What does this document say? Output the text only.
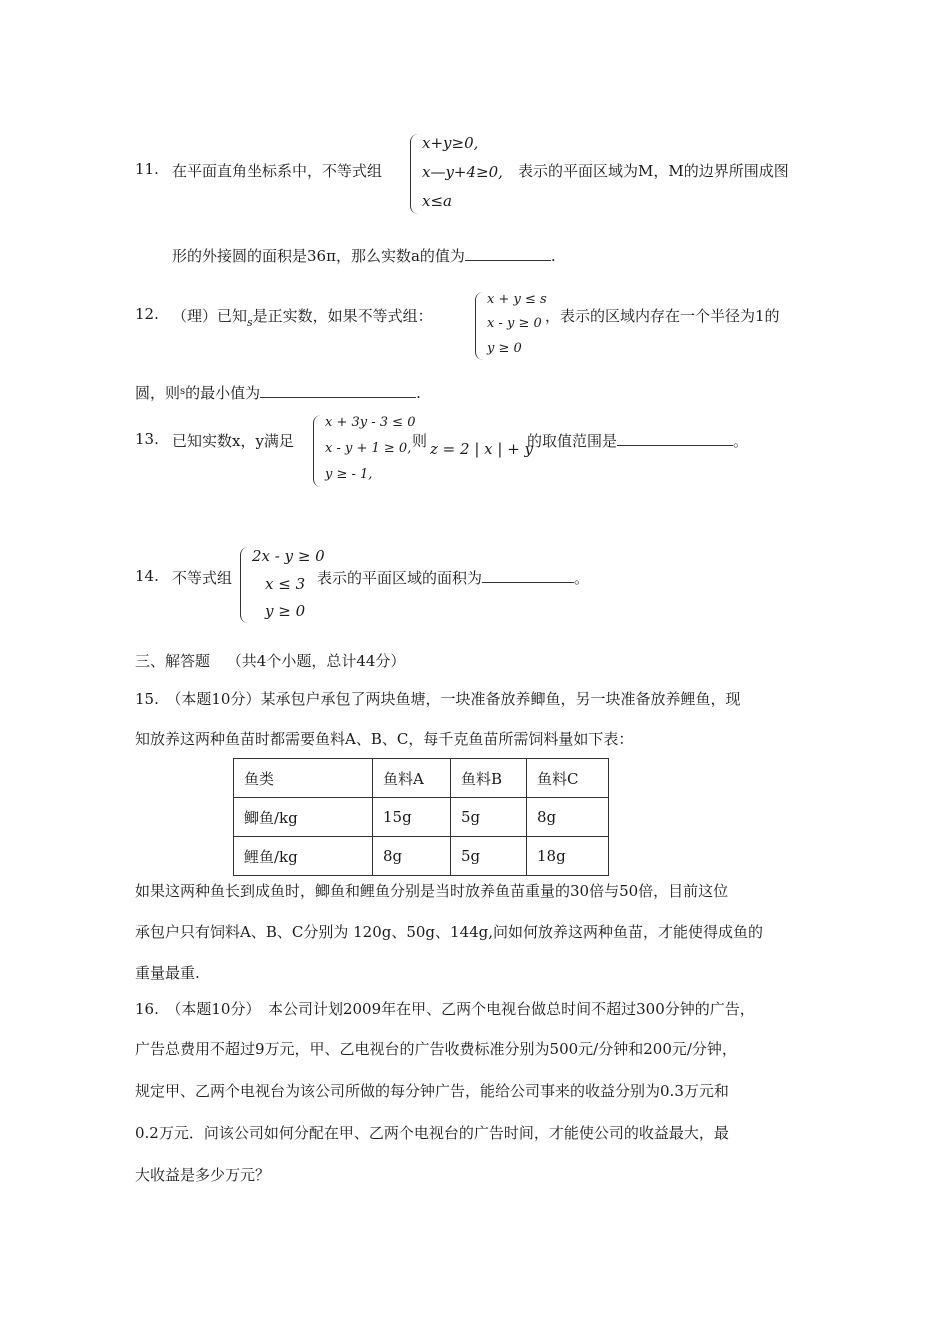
11. 在平面直角坐标系中，不等式组
x+y≥0,
x—y+4≥0,
x≤a
表示的平面区域为M，M的边界所围成图
形的外接圆的面积是36π，那么实数a的值为	.
12. （理）已知$_s$是正实数，如果不等式组：
x + y ≤ s
x - y ≥ 0
y ≥ 0
，表示的区域内存在一个半径为1的
圆，则$^s$的最小值为	.
13. 已知实数x，y满足
x + 3y - 3 ≤ 0
x - y + 1 ≥ 0,
y ≥ - 1,
则 z = 2 | x | + y
的取值范围是	。
14. 不等式组
2x - y ≥ 0
x ≤ 3
y ≥ 0
表示的平面区域的面积为	。
三、解答题 （共4个小题，总计44分）
15.　（本题10分）某承包户承包了两块鱼塘，一块准备放养鲫鱼，另一块准备放养鲤鱼，现
知放养这两种鱼苗时都需要鱼料A、B、C，每千克鱼苗所需饲料量如下表：
鱼类	鱼料A	鱼料B	鱼料C
鲫鱼/kg	15g	5g	8g
鲤鱼/kg	8g	5g	18g
如果这两种鱼长到成鱼时，鲫鱼和鲤鱼分别是当时放养鱼苗重量的30倍与50倍，目前这位
承包户只有饲料A、B、C分别为 120g、50g、144g,问如何放养这两种鱼苗，才能使得成鱼的
重量最重.
16.　（本题10分）　本公司计划2009年在甲、乙两个电视台做总时间不超过300分钟的广告，
广告总费用不超过9万元，甲、乙电视台的广告收费标准分别为500元/分钟和200元/分钟，
规定甲、乙两个电视台为该公司所做的每分钟广告，能给公司事来的收益分别为0.3万元和
0.2万元．问该公司如何分配在甲、乙两个电视台的广告时间，才能使公司的收益最大，最
大收益是多少万元？
